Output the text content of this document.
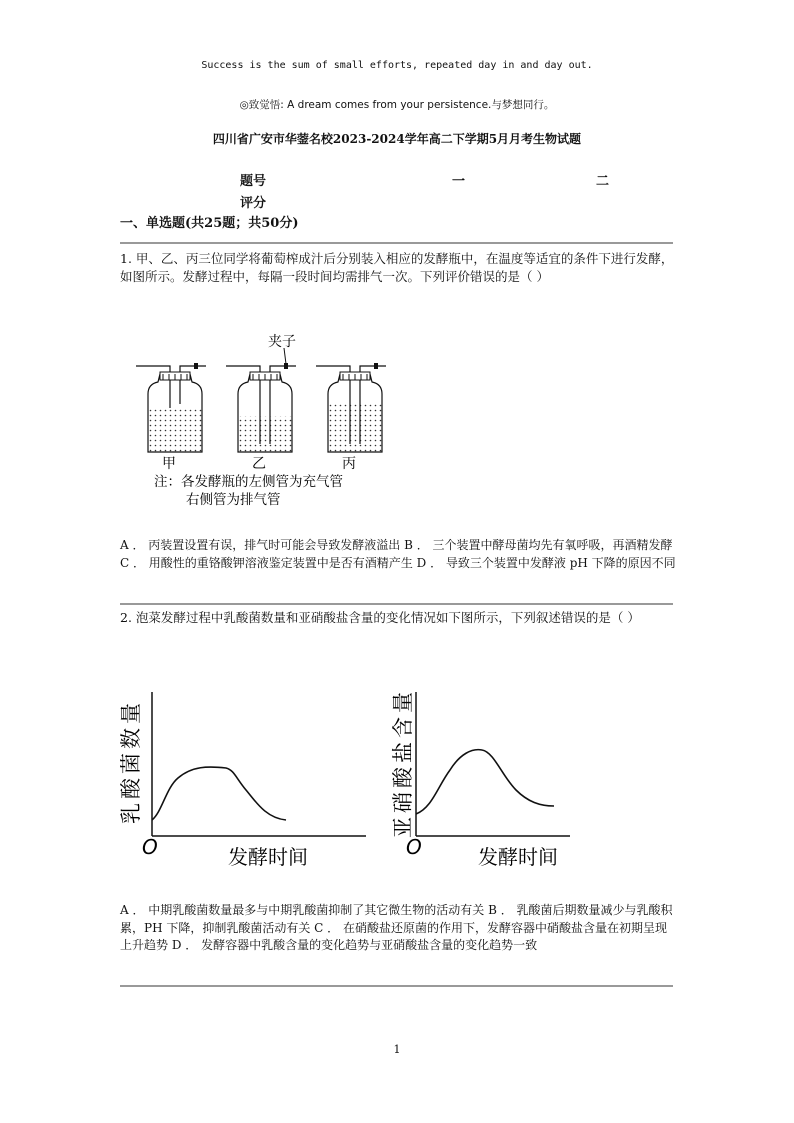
Success is the sum of small efforts, repeated day in and day out.
◎致觉悟: A dream comes from your persistence.与梦想同行。
四川省广安市华蓥名校2023-2024学年高二下学期5月月考生物试题
题号	一	二
评分
一、单选题(共25题；共50分)
1. 甲、乙、丙三位同学将葡萄榨成汁后分别装入相应的发酵瓶中，在温度等适宜的条件下进行发酵，如图所示。发酵过程中，每隔一段时间均需排气一次。下列评价错误的是（ ）
夹子
甲	乙	丙
注：各发酵瓶的左侧管为充气管
右侧管为排气管
A ． 丙装置设置有误，排气时可能会导致发酵液溢出 B ． 三个装置中酵母菌均先有氧呼吸，再酒精发酵 C ． 用酸性的重铬酸钾溶液鉴定装置中是否有酒精产生 D ． 导致三个装置中发酵液 pH 下降的原因不同
2. 泡菜发酵过程中乳酸菌数量和亚硝酸盐含量的变化情况如下图所示，下列叙述错误的是（ ）
O	发酵时间
乳酸菌数量
O	发酵时间
亚硝酸盐含量
A ． 中期乳酸菌数量最多与中期乳酸菌抑制了其它微生物的活动有关 B ． 乳酸菌后期数量减少与乳酸积累，PH 下降，抑制乳酸菌活动有关 C ． 在硝酸盐还原菌的作用下，发酵容器中硝酸盐含量在初期呈现上升趋势 D ． 发酵容器中乳酸含量的变化趋势与亚硝酸盐含量的变化趋势一致
1
